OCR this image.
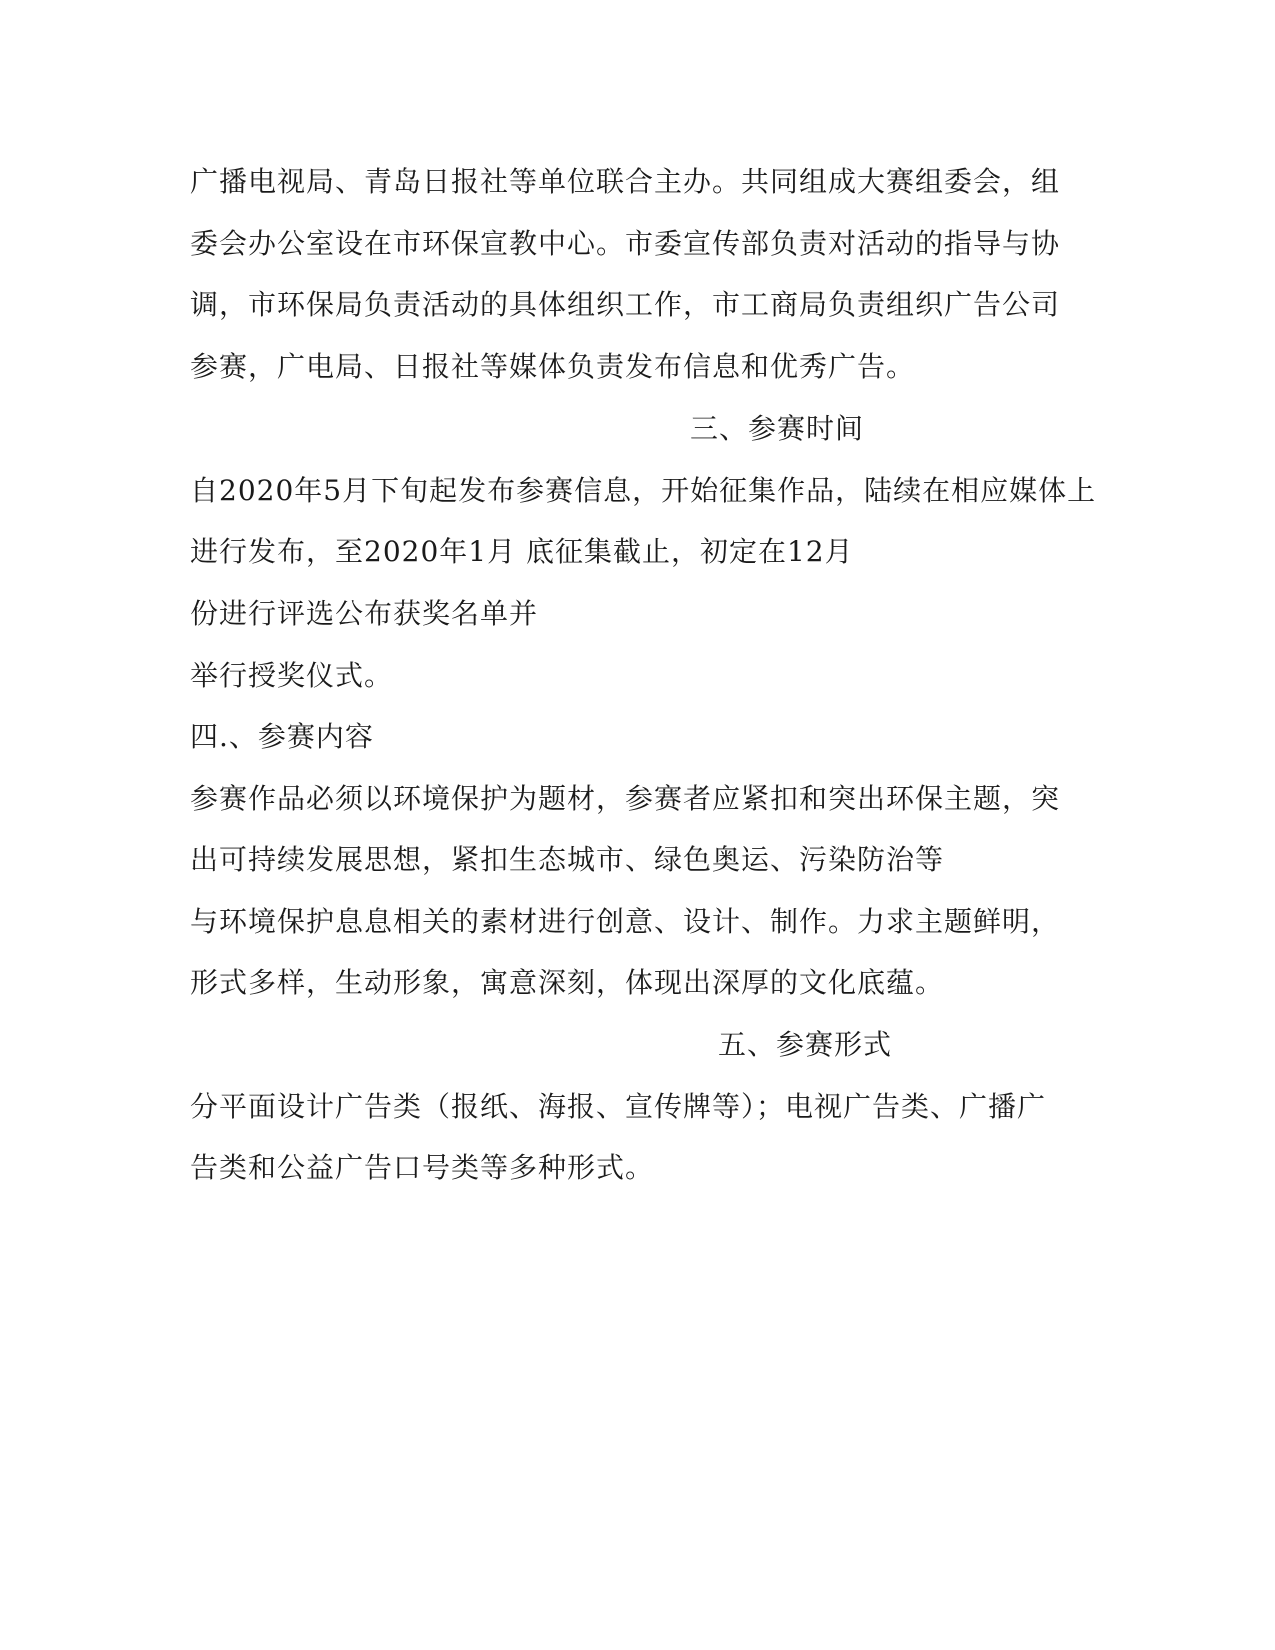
广播电视局、青岛日报社等单位联合主办。共同组成大赛组委会，组
委会办公室设在市环保宣教中心。市委宣传部负责对活动的指导与协
调，市环保局负责活动的具体组织工作，市工商局负责组织广告公司
参赛，广电局、日报社等媒体负责发布信息和优秀广告。
三、参赛时间
自2020年5月下旬起发布参赛信息，开始征集作品，陆续在相应媒体上
进行发布，至2020年1月 底征集截止，初定在12月
份进行评选公布获奖名单并
举行授奖仪式。
四.、参赛内容
参赛作品必须以环境保护为题材，参赛者应紧扣和突出环保主题，突
出可持续发展思想，紧扣生态城市、绿色奥运、污染防治等
与环境保护息息相关的素材进行创意、设计、制作。力求主题鲜明，
形式多样，生动形象，寓意深刻，体现出深厚的文化底蕴。
五、参赛形式
分平面设计广告类（报纸、海报、宣传牌等）；电视广告类、广播广
告类和公益广告口号类等多种形式。
